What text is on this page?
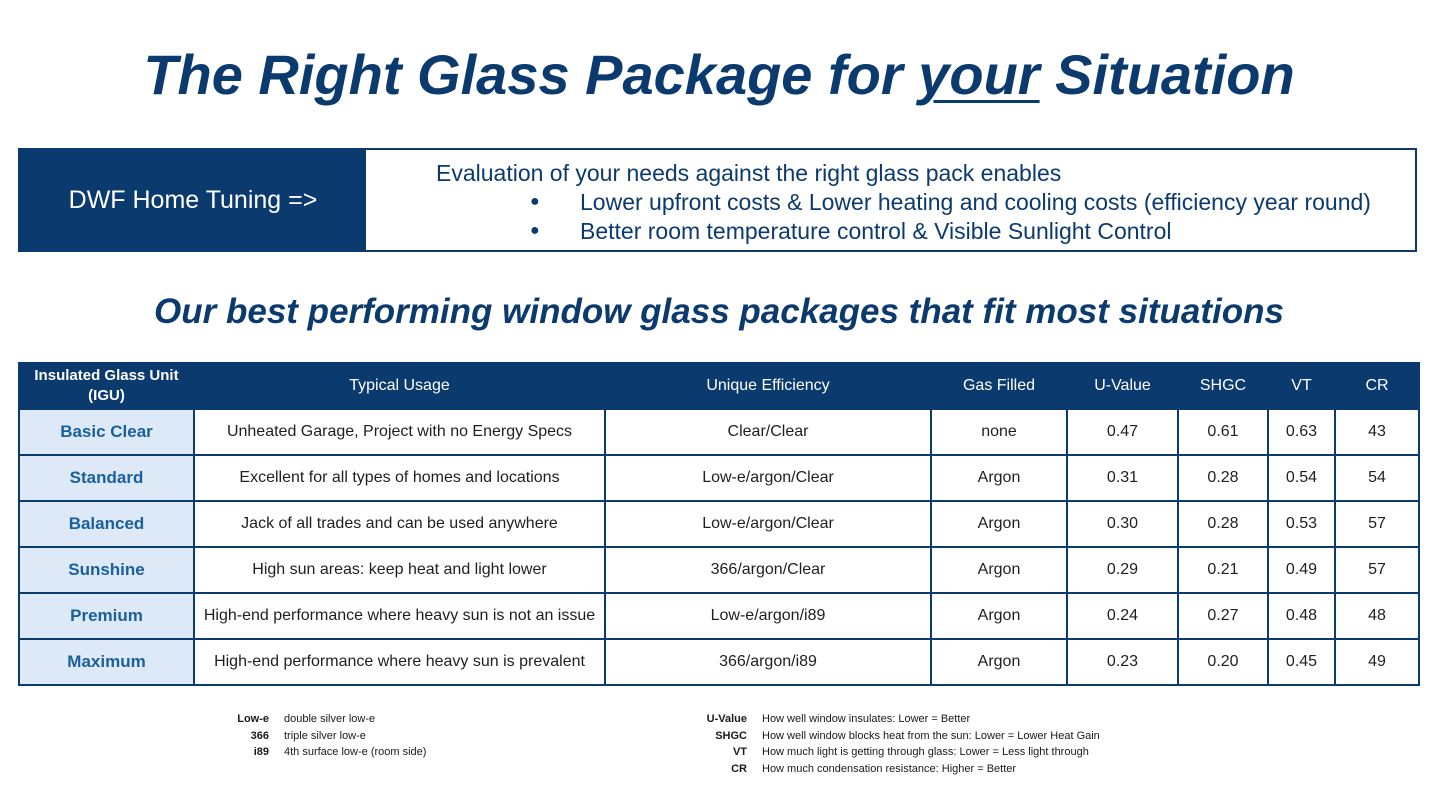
The Right Glass Package for your Situation
DWF Home Tuning =>
Evaluation of your needs against the right glass pack enables
● Lower upfront costs & Lower heating and cooling costs (efficiency year round)
● Better room temperature control & Visible Sunlight Control
Our best performing window glass packages that fit most situations
Insulated Glass Unit (IGU)	Typical Usage	Unique Efficiency	Gas Filled	U-Value	SHGC	VT	CR
Basic Clear	Unheated Garage, Project with no Energy Specs	Clear/Clear	none	0.47	0.61	0.63	43
Standard	Excellent for all types of homes and locations	Low-e/argon/Clear	Argon	0.31	0.28	0.54	54
Balanced	Jack of all trades and can be used anywhere	Low-e/argon/Clear	Argon	0.30	0.28	0.53	57
Sunshine	High sun areas: keep heat and light lower	366/argon/Clear	Argon	0.29	0.21	0.49	57
Premium	High-end performance where heavy sun is not an issue	Low-e/argon/i89	Argon	0.24	0.27	0.48	48
Maximum	High-end performance where heavy sun is prevalent	366/argon/i89	Argon	0.23	0.20	0.45	49
Low-e double silver low-e
366 triple silver low-e
i89 4th surface low-e (room side)
U-Value How well window insulates: Lower = Better
SHGC How well window blocks heat from the sun: Lower = Lower Heat Gain
VT How much light is getting through glass: Lower = Less light through
CR How much condensation resistance: Higher = Better
